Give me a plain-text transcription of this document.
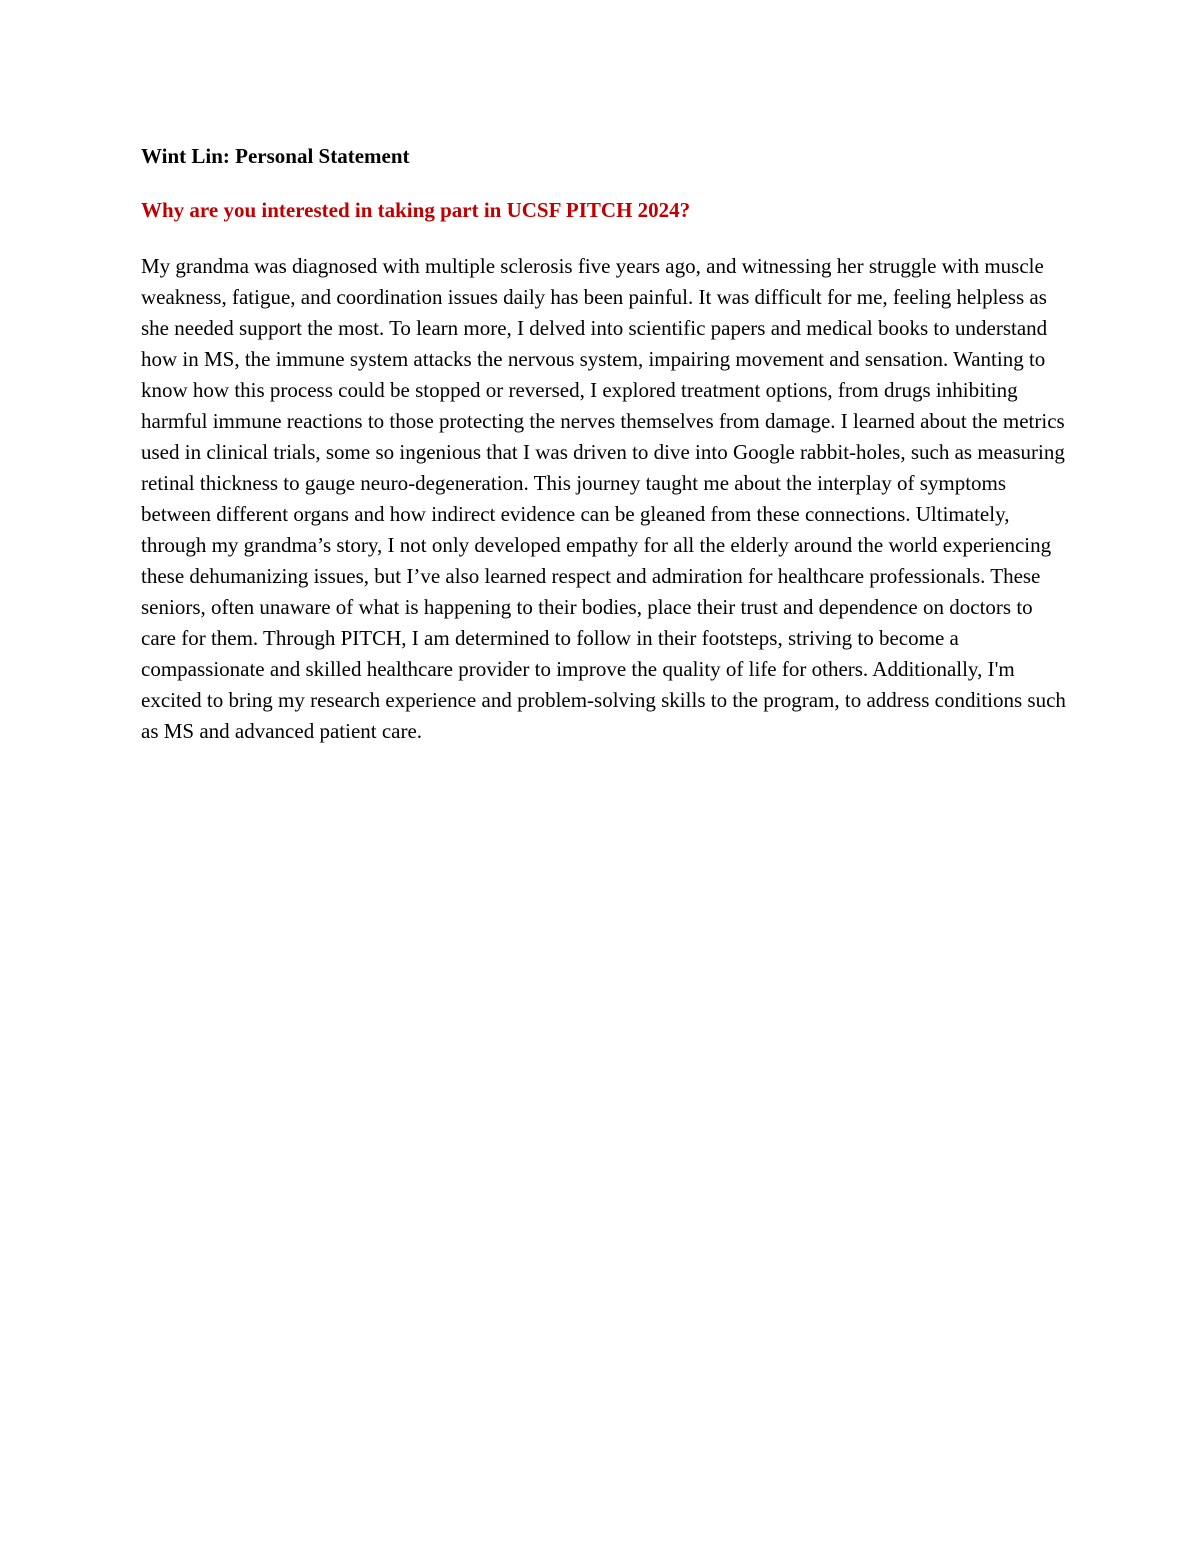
Wint Lin: Personal Statement
Why are you interested in taking part in UCSF PITCH 2024?

My grandma was diagnosed with multiple sclerosis five years ago, and witnessing her struggle with muscle weakness, fatigue, and coordination issues daily has been painful. It was difficult for me, feeling helpless as she needed support the most. To learn more, I delved into scientific papers and medical books to understand how in MS, the immune system attacks the nervous system, impairing movement and sensation. Wanting to know how this process could be stopped or reversed, I explored treatment options, from drugs inhibiting harmful immune reactions to those protecting the nerves themselves from damage. I learned about the metrics used in clinical trials, some so ingenious that I was driven to dive into Google rabbit-holes, such as measuring retinal thickness to gauge neuro-degeneration. This journey taught me about the interplay of symptoms between different organs and how indirect evidence can be gleaned from these connections. Ultimately, through my grandma’s story, I not only developed empathy for all the elderly around the world experiencing these dehumanizing issues, but I’ve also learned respect and admiration for healthcare professionals. These seniors, often unaware of what is happening to their bodies, place their trust and dependence on doctors to care for them. Through PITCH, I am determined to follow in their footsteps, striving to become a compassionate and skilled healthcare provider to improve the quality of life for others. Additionally, I'm excited to bring my research experience and problem-solving skills to the program, to address conditions such as MS and advanced patient care.
